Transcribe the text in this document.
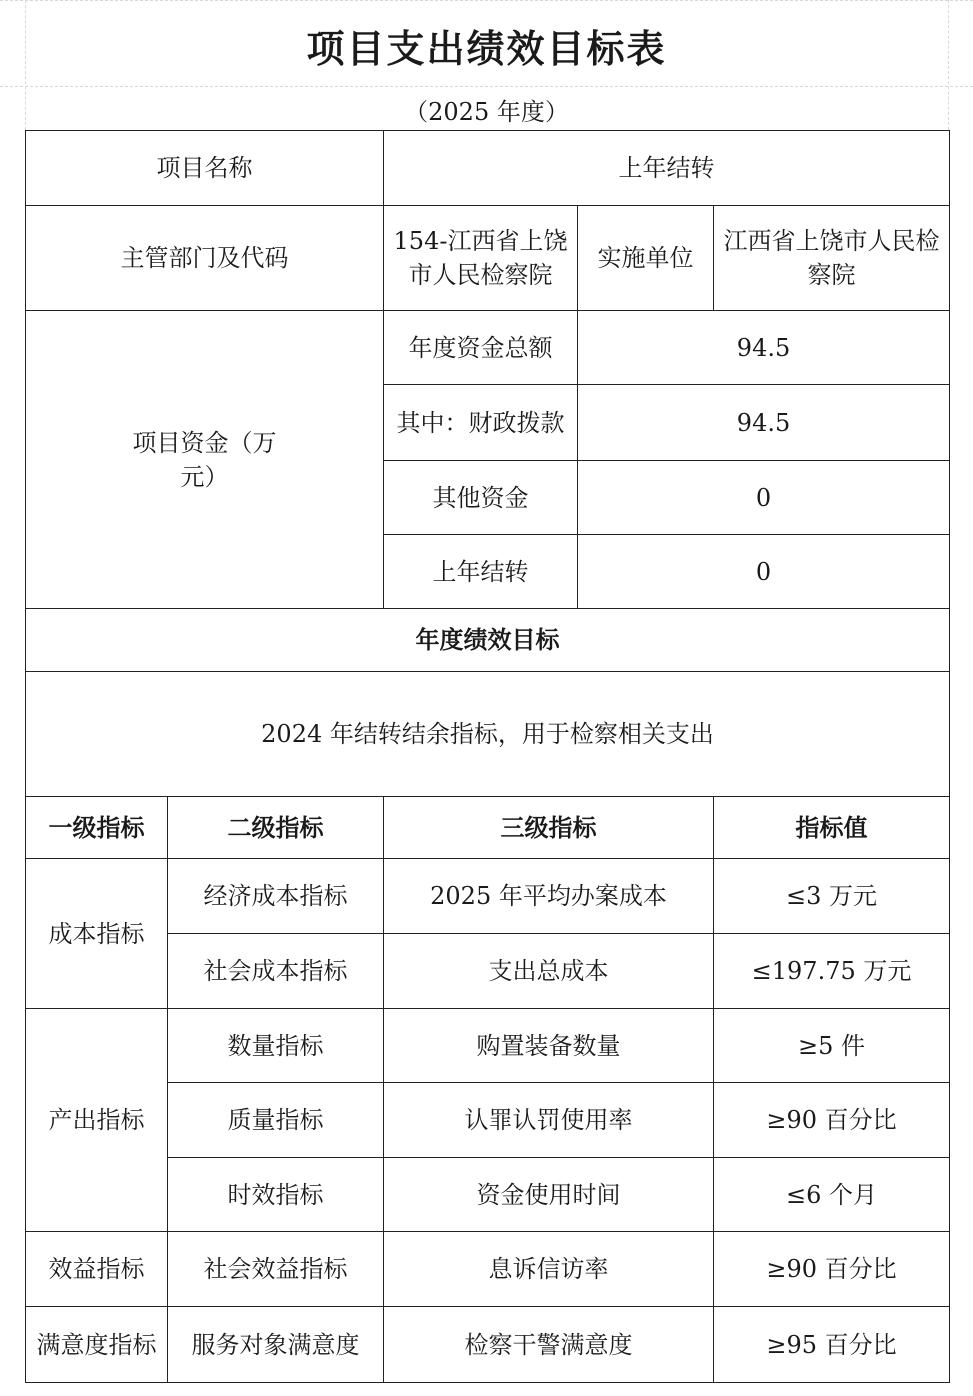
项目支出绩效目标表
（2025 年度）
项目名称		上年结转		
主管部门及代码		154-江西省上饶市人民检察院	实施单位	江西省上饶市人民检察院
项目资金（万元）		年度资金总额	94.5	
		其中：财政拨款	94.5	
		其他资金	0	
		上年结转	0	
年度绩效目标				
2024 年结转结余指标，用于检察相关支出				
一级指标	二级指标	三级指标		指标值
成本指标	经济成本指标	2025 年平均办案成本		≤3 万元
	社会成本指标	支出总成本		≤197.75 万元
产出指标	数量指标	购置装备数量		≥5 件
	质量指标	认罪认罚使用率		≥90 百分比
	时效指标	资金使用时间		≤6 个月
效益指标	社会效益指标	息诉信访率		≥90 百分比
满意度指标	服务对象满意度	检察干警满意度		≥95 百分比
